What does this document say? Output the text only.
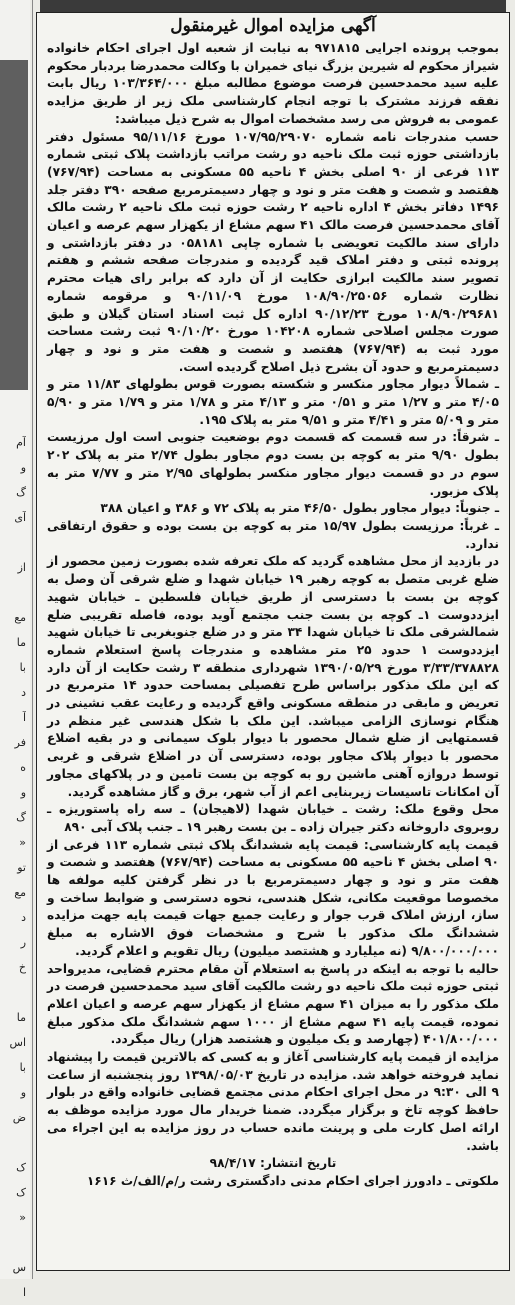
آم
و
گ
آی
از
مع
ما
با
د
آ
فر
ه
و
گ
«
تو
مع
د
ر
خ
ما
اس
با
و
ض
ک
ک
«
س
ا
آگهی مزایده اموال غیرمنقول

بموجب پرونده اجرایی ۹۷۱۸۱۵ به نیابت از شعبه اول اجرای احکام خانواده شیراز محکوم له شیرین بزرگ نیای خمیران با وکالت محمدرضا بردبار محکوم علیه سید محمدحسین فرصت موضوع مطالبه مبلغ ۱۰۳/۳۶۴/۰۰۰ ریال بابت نفقه فرزند مشترک با توجه انجام کارشناسی ملک زیر از طریق مزایده عمومی به فروش می رسد مشخصات اموال به شرح ذیل میباشد:

حسب مندرجات نامه شماره ۱۰۷/۹۵/۲۹۰۷۰ مورخ ۹۵/۱۱/۱۶ مسئول دفتر بازداشتی حوزه ثبت ملک ناحیه دو رشت مراتب بازداشت پلاک ثبتی شماره ۱۱۳ فرعی از ۹۰ اصلی بخش ۴ ناحیه ۵۵ مسکونی به مساحت (۷۶۷/۹۴) هفتصد و شصت و هفت متر و نود و چهار دسیمترمربع صفحه ۳۹۰ دفتر جلد ۱۴۹۶ دفاتر بخش ۴ اداره ناحیه ۲ رشت حوزه ثبت ملک ناحیه ۲ رشت مالک آقای محمدحسین فرصت مالک ۴۱ سهم مشاع از یکهزار سهم عرصه و اعیان دارای سند مالکیت تعویضی با شماره چاپی ۰۵۸۱۸۱ در دفتر بازداشتی و پرونده ثبتی و دفتر املاک قید گردیده و مندرجات صفحه ششم و هفتم تصویر سند مالکیت ابرازی حکایت از آن دارد که برابر رای هیات محترم نظارت شماره ۱۰۸/۹۰/۲۵۰۵۶ مورخ ۹۰/۱۱/۰۹ و مرقومه شماره ۱۰۸/۹۰/۲۹۶۸۱ مورخ ۹۰/۱۲/۲۳ اداره کل ثبت اسناد استان گیلان و طبق صورت مجلس اصلاحی شماره ۱۰۴۲۰۸ مورخ ۹۰/۱۰/۲۰ ثبت رشت مساحت مورد ثبت به (۷۶۷/۹۴) هفتصد و شصت و هفت متر و نود و چهار دسیمترمربع و حدود آن بشرح ذیل اصلاح گردیده است.

ـ شمالاً دیوار مجاور منکسر و شکسته بصورت قوس بطولهای ۱۱/۸۳ متر و ۴/۰۵ متر و ۱/۲۷ متر و ۰/۵۱ متر و ۴/۱۳ متر و ۱/۷۸ متر و ۱/۷۹ متر و ۵/۹۰ متر و ۵/۰۹ متر و ۴/۴۱ متر و ۹/۵۱ متر به پلاک ۱۹۵.

ـ شرقاً: در سه قسمت که قسمت دوم بوضعیت جنوبی است اول مرزیست بطول ۹/۹۰ متر به کوچه بن بست دوم مجاور بطول ۲/۷۴ متر به پلاک ۲۰۲ سوم در دو قسمت دیوار مجاور منکسر بطولهای ۲/۹۵ متر و ۷/۷۷ متر به پلاک مزبور.

ـ جنوباً: دیوار مجاور بطول ۴۶/۵۰ متر به پلاک ۷۲ و ۳۸۶ و اعیان ۳۸۸

ـ غرباً: مرزیست بطول ۱۵/۹۷ متر به کوچه بن بست بوده و حقوق ارتفاقی ندارد.

در بازدید از محل مشاهده گردید که ملک تعرفه شده بصورت زمین محصور از ضلع غربی متصل به کوچه رهبر ۱۹ خیابان شهدا و ضلع شرقی آن وصل به کوچه بن بست با دسترسی از طریق خیابان فلسطین ـ خیابان شهید ایزددوست ۱ـ کوچه بن بست جنب مجتمع آوید بوده، فاصله تقریبی ضلع شمالشرقی ملک تا خیابان شهدا ۳۴ متر و در ضلع جنوبغربی تا خیابان شهید ایزددوست ۱ حدود ۲۵ متر مشاهده و مندرجات پاسخ استعلام شماره ۳/۳۳/۳۷۸۸۲۸ مورخ ۱۳۹۰/۰۵/۲۹ شهرداری منطقه ۳ رشت حکایت از آن دارد که این ملک مذکور براساس طرح تفصیلی بمساحت حدود ۱۴ مترمربع در تعریض و مابقی در منطقه مسکونی واقع گردیده و رعایت عقب نشینی در هنگام نوسازی الزامی میباشد. این ملک با شکل هندسی غیر منظم در قسمتهایی از ضلع شمال محصور با دیوار بلوک سیمانی و در بقیه اضلاع محصور با دیوار پلاک مجاور بوده، دسترسی آن در اضلاع شرقی و غربی توسط دروازه آهنی ماشین رو به کوچه بن بست تامین و در پلاکهای مجاور آن امکانات تاسیسات زیربنایی اعم از آب شهر، برق و گاز مشاهده گردید.

محل وقوع ملک: رشت ـ خیابان شهدا (لاهیجان) ـ سه راه پاستوریزه ـ روبروی داروخانه دکتر جیران زاده ـ بن بست رهبر ۱۹ ـ جنب پلاک آبی ۸۹۰

قیمت پایه کارشناسی: قیمت پایه ششدانگ پلاک ثبتی شماره ۱۱۳ فرعی از ۹۰ اصلی بخش ۴ ناحیه ۵۵ مسکونی به مساحت (۷۶۷/۹۴) هفتصد و شصت و هفت متر و نود و چهار دسیمترمربع با در نظر گرفتن کلیه مولفه ها مخصوصا موقعیت مکانی، شکل هندسی، نحوه دسترسی و ضوابط ساخت و ساز، ارزش املاک قرب جوار و رعایت جمیع جهات قیمت پایه جهت مزایده ششدانگ ملک مذکور با شرح و مشخصات فوق الاشاره به مبلغ ۹/۸۰۰/۰۰۰/۰۰۰ (نه میلیارد و هشتصد میلیون) ریال تقویم و اعلام گردید.

حالیه با توجه به اینکه در پاسخ به استعلام آن مقام محترم قضایی، مدیرواحد ثبتی حوزه ثبت ملک ناحیه دو رشت مالکیت آقای سید محمدحسین فرصت در ملک مذکور را به میزان ۴۱ سهم مشاع از یکهزار سهم عرصه و اعیان اعلام نموده، قیمت پایه ۴۱ سهم مشاع از ۱۰۰۰ سهم ششدانگ ملک مذکور مبلغ ۴۰۱/۸۰۰/۰۰۰ (چهارصد و یک میلیون و هشتصد هزار) ریال میگردد.

مزایده از قیمت پایه کارشناسی آغاز و به کسی که بالاترین قیمت را پیشنهاد نماید فروخته خواهد شد. مزایده در تاریخ ۱۳۹۸/۰۵/۰۳ روز پنجشنبه از ساعت ۹ الی ۹:۳۰ در محل اجرای احکام مدنی مجتمع قضایی خانواده واقع در بلوار حافظ کوچه تاخ و برگزار میگردد. ضمنا خریدار مال مورد مزایده موظف به ارائه اصل کارت ملی و پرینت مانده حساب در روز مزایده به این اجراء می باشد.

تاریخ انتشار: ۹۸/۴/۱۷

ملکوتی ـ دادورز اجرای احکام مدنی دادگستری رشت ر/م/الف/ث ۱۶۱۶
